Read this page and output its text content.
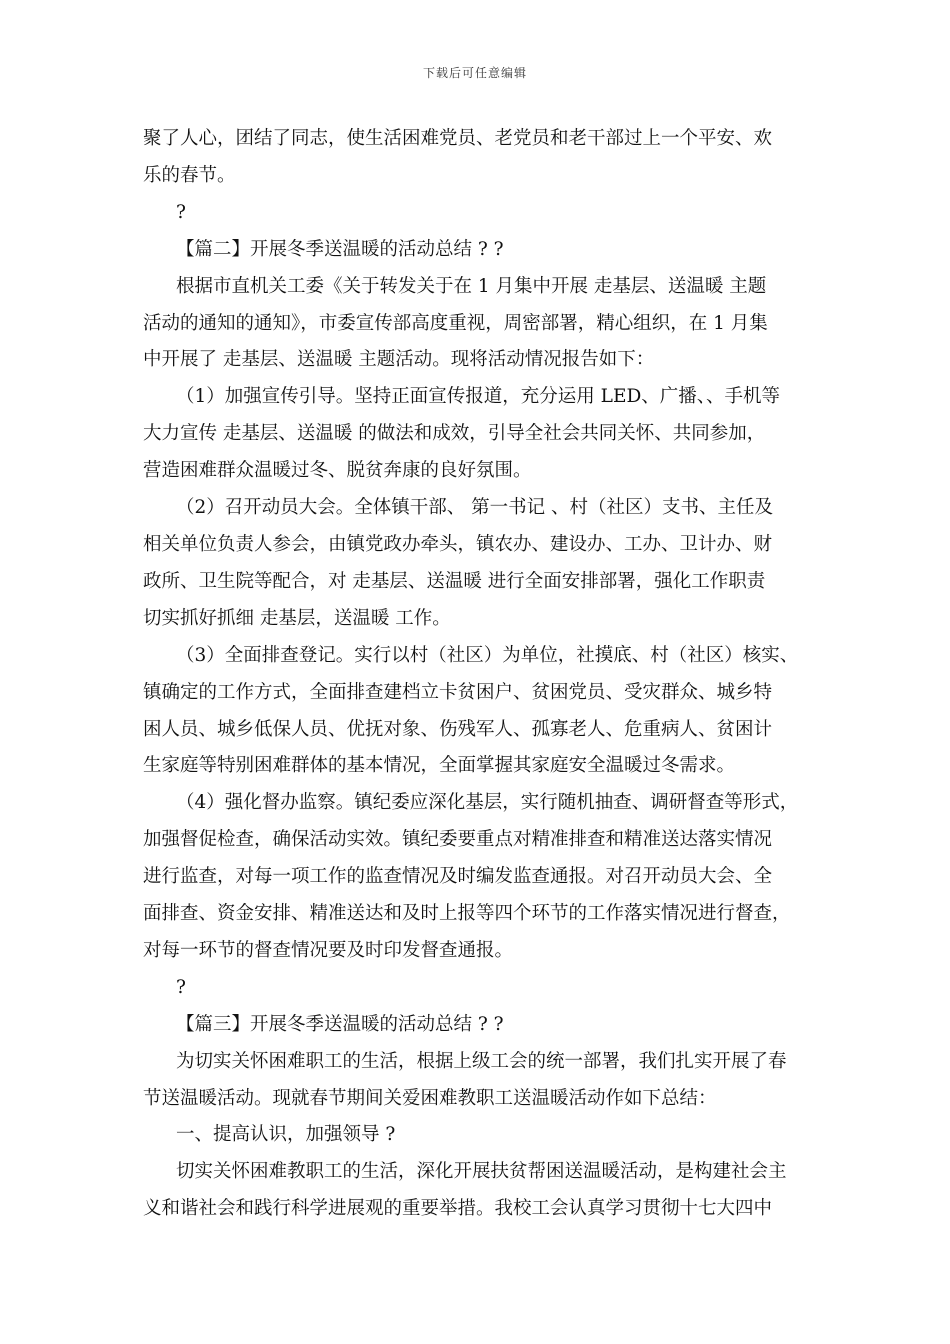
下载后可任意编辑

聚了人心，团结了同志，使生活困难党员、老党员和老干部过上一个平安、欢

乐的春节。

?

【篇二】开展冬季送温暖的活动总结 ? ?

根据市直机关工委《关于转发关于在 1 月集中开展 走基层、送温暖 主题

活动的通知的通知》，市委宣传部高度重视，周密部署，精心组织，在 1 月集

中开展了 走基层、送温暖 主题活动。现将活动情况报告如下：

（1）加强宣传引导。坚持正面宣传报道，充分运用 LED、广播、、手机等

大力宣传 走基层、送温暖 的做法和成效，引导全社会共同关怀、共同参加，

营造困难群众温暖过冬、脱贫奔康的良好氛围。

（2）召开动员大会。全体镇干部、 第一书记 、村（社区）支书、主任及

相关单位负责人参会，由镇党政办牵头，镇农办、建设办、工办、卫计办、财

政所、卫生院等配合，对 走基层、送温暖 进行全面安排部署，强化工作职责

切实抓好抓细 走基层，送温暖 工作。

（3）全面排查登记。实行以村（社区）为单位，社摸底、村（社区）核实、

镇确定的工作方式，全面排查建档立卡贫困户、贫困党员、受灾群众、城乡特

困人员、城乡低保人员、优抚对象、伤残军人、孤寡老人、危重病人、贫困计

生家庭等特别困难群体的基本情况，全面掌握其家庭安全温暖过冬需求。

（4）强化督办监察。镇纪委应深化基层，实行随机抽查、调研督查等形式，

加强督促检查，确保活动实效。镇纪委要重点对精准排查和精准送达落实情况

进行监查，对每一项工作的监查情况及时编发监查通报。对召开动员大会、全

面排查、资金安排、精准送达和及时上报等四个环节的工作落实情况进行督查，

对每一环节的督查情况要及时印发督查通报。

?

【篇三】开展冬季送温暖的活动总结 ? ?

为切实关怀困难职工的生活，根据上级工会的统一部署，我们扎实开展了春

节送温暖活动。现就春节期间关爱困难教职工送温暖活动作如下总结：

一、提高认识，加强领导 ?

切实关怀困难教职工的生活，深化开展扶贫帮困送温暖活动，是构建社会主

义和谐社会和践行科学进展观的重要举措。我校工会认真学习贯彻十七大四中
